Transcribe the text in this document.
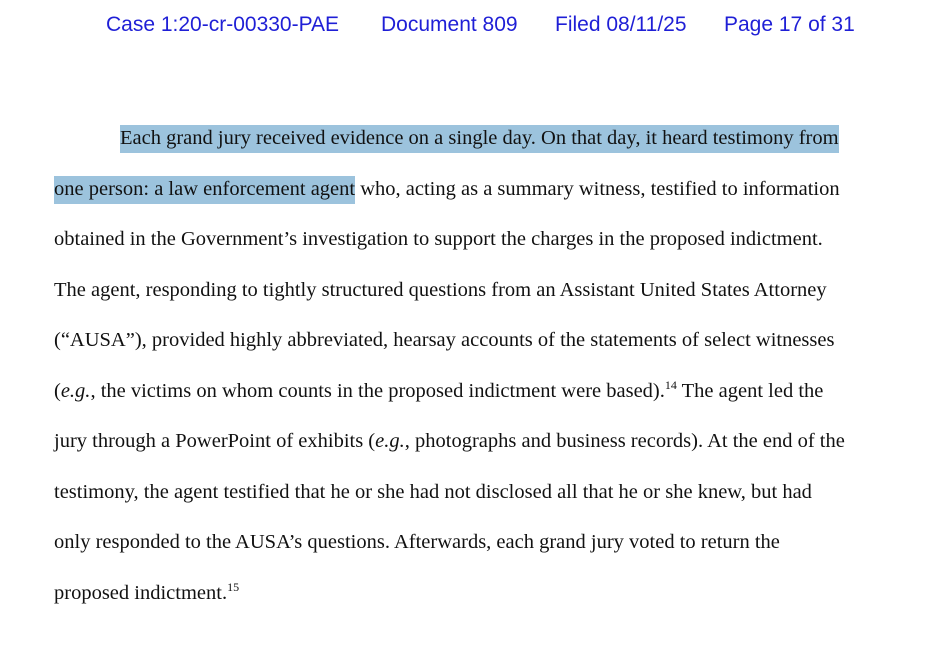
Case 1:20-cr-00330-PAE Document 809 Filed 08/11/25 Page 17 of 31
Each grand jury received evidence on a single day. On that day, it heard testimony from
one person: a law enforcement agent who, acting as a summary witness, testified to information
obtained in the Government’s investigation to support the charges in the proposed indictment.
The agent, responding to tightly structured questions from an Assistant United States Attorney
(“AUSA”), provided highly abbreviated, hearsay accounts of the statements of select witnesses
(e.g., the victims on whom counts in the proposed indictment were based).$^{14}$ The agent led the
jury through a PowerPoint of exhibits (e.g., photographs and business records). At the end of the
testimony, the agent testified that he or she had not disclosed all that he or she knew, but had
only responded to the AUSA’s questions. Afterwards, each grand jury voted to return the
proposed indictment.$^{15}$
